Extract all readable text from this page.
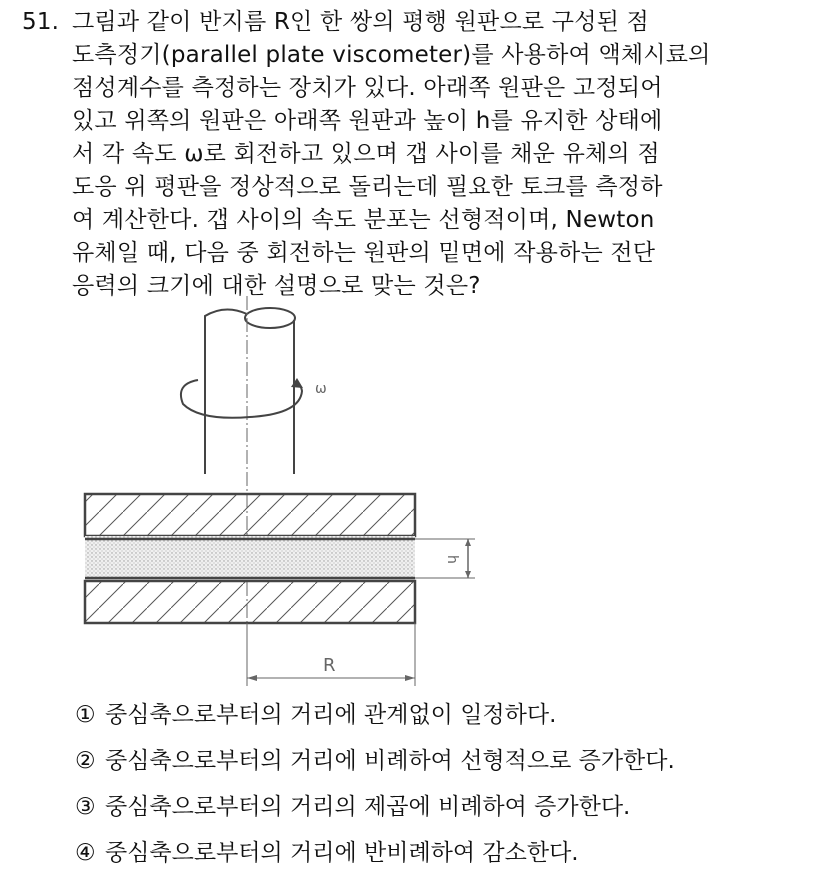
51. 그림과 같이 반지름 R인 한 쌍의 평행 원판으로 구성된 점
도측정기(parallel plate viscometer)를 사용하여 액체시료의
점성계수를 측정하는 장치가 있다. 아래쪽 원판은 고정되어
있고 위쪽의 원판은 아래쪽 원판과 높이 h를 유지한 상태에
서 각 속도 ω로 회전하고 있으며 갭 사이를 채운 유체의 점
도응 위 평판을 정상적으로 돌리는데 필요한 토크를 측정하
여 계산한다. 갭 사이의 속도 분포는 선형적이며, Newton
유체일 때, 다음 중 회전하는 원판의 밑면에 작용하는 전단
응력의 크기에 대한 설명으로 맞는 것은?
ω
h
R
① 중심축으로부터의 거리에 관계없이 일정하다.
② 중심축으로부터의 거리에 비례하여 선형적으로 증가한다.
③ 중심축으로부터의 거리의 제곱에 비례하여 증가한다.
④ 중심축으로부터의 거리에 반비례하여 감소한다.
